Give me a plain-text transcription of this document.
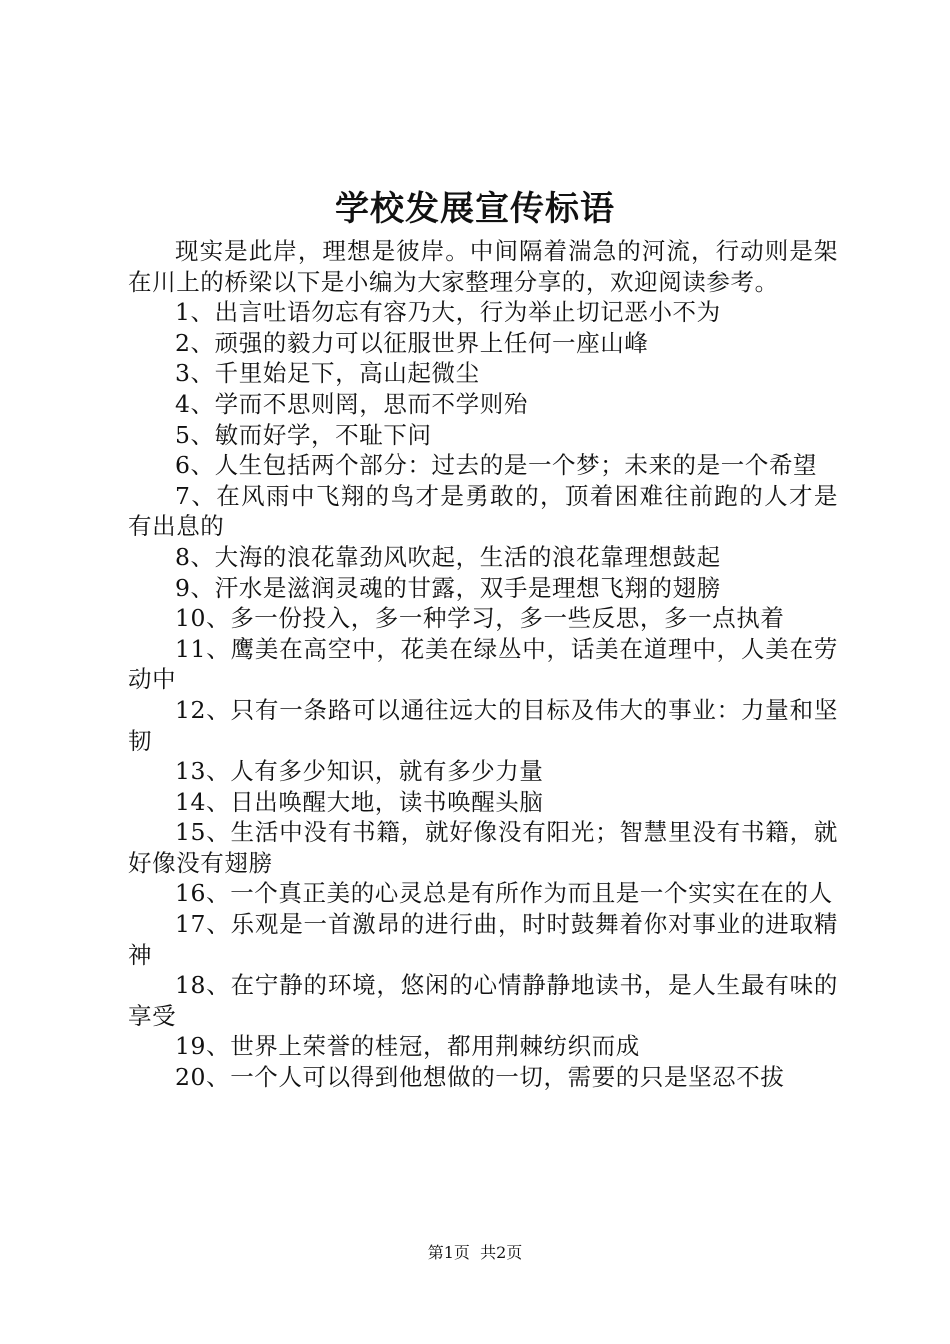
学校发展宣传标语

现实是此岸，理想是彼岸。中间隔着湍急的河流，行动则是架在川上的桥梁以下是小编为大家整理分享的，欢迎阅读参考。

1、出言吐语勿忘有容乃大，行为举止切记恶小不为

2、顽强的毅力可以征服世界上任何一座山峰

3、千里始足下，高山起微尘

4、学而不思则罔，思而不学则殆

5、敏而好学，不耻下问

6、人生包括两个部分：过去的是一个梦；未来的是一个希望

7、在风雨中飞翔的鸟才是勇敢的，顶着困难往前跑的人才是有出息的

8、大海的浪花靠劲风吹起，生活的浪花靠理想鼓起

9、汗水是滋润灵魂的甘露，双手是理想飞翔的翅膀

10、多一份投入，多一种学习，多一些反思，多一点执着

11、鹰美在高空中，花美在绿丛中，话美在道理中，人美在劳动中

12、只有一条路可以通往远大的目标及伟大的事业：力量和坚韧

13、人有多少知识，就有多少力量

14、日出唤醒大地，读书唤醒头脑

15、生活中没有书籍，就好像没有阳光；智慧里没有书籍，就好像没有翅膀

16、一个真正美的心灵总是有所作为而且是一个实实在在的人

17、乐观是一首激昂的进行曲，时时鼓舞着你对事业的进取精神

18、在宁静的环境，悠闲的心情静静地读书，是人生最有味的享受

19、世界上荣誉的桂冠，都用荆棘纺织而成

20、一个人可以得到他想做的一切，需要的只是坚忍不拔

第1页  共2页
